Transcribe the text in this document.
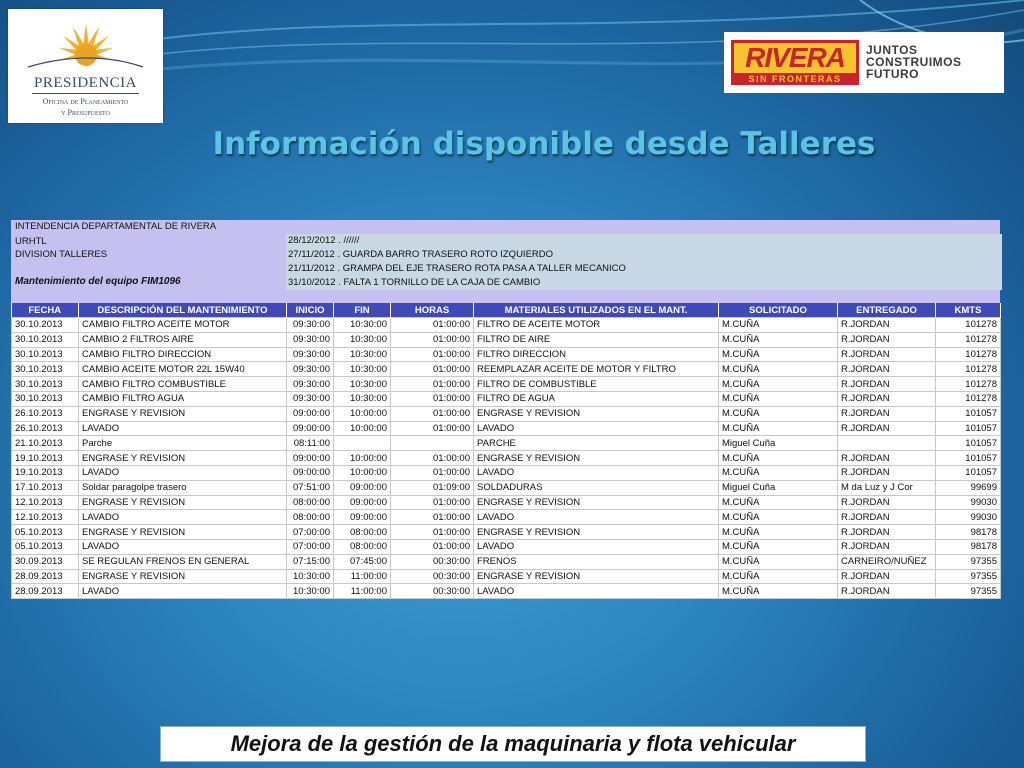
PRESIDENCIA
Oficina de Planeamiento
y Presupuesto
RIVERA
SIN FRONTERAS
JUNTOS
CONSTRUIMOS
FUTURO
Información disponible desde Talleres
INTENDENCIA DEPARTAMENTAL DE RIVERA
URHTL
DIVISION TALLERES
Mantenimiento del equipo FIM1096
28/12/2012 . //////
27/11/2012 . GUARDA BARRO TRASERO ROTO IZQUIERDO
21/11/2012 . GRAMPA DEL EJE TRASERO ROTA PASA A TALLER MECANICO
31/10/2012 . FALTA 1 TORNILLO DE LA CAJA DE CAMBIO
FECHA	DESCRIPCIÓN DEL MANTENIMIENTO	INICIO	FIN	HORAS	MATERIALES UTILIZADOS EN EL MANT.	SOLICITADO	ENTREGADO	KMTS
30.10.2013	CAMBIO FILTRO ACEITE MOTOR	09:30:00	10:30:00	01:00:00	FILTRO DE ACEITE MOTOR	M.CUÑA	R.JORDAN	101278
30.10.2013	CAMBIO 2 FILTROS AIRE	09:30:00	10:30:00	01:00:00	FILTRO DE AIRE	M.CUÑA	R.JORDAN	101278
30.10.2013	CAMBIO FILTRO DIRECCION	09:30:00	10:30:00	01:00:00	FILTRO DIRECCION	M.CUÑA	R.JORDAN	101278
30.10.2013	CAMBIO ACEITE MOTOR 22L 15W40	09:30:00	10:30:00	01:00:00	REEMPLAZAR ACEITE DE MOTOR Y FILTRO	M.CUÑA	R.JORDAN	101278
30.10.2013	CAMBIO FILTRO COMBUSTIBLE	09:30:00	10:30:00	01:00:00	FILTRO DE COMBUSTIBLE	M.CUÑA	R.JORDAN	101278
30.10.2013	CAMBIO FILTRO AGUA	09:30:00	10:30:00	01:00:00	FILTRO DE AGUA	M.CUÑA	R.JORDAN	101278
26.10.2013	ENGRASE Y REVISION	09:00:00	10:00:00	01:00:00	ENGRASE Y REVISION	M.CUÑA	R.JORDAN	101057
26.10.2013	LAVADO	09:00:00	10:00:00	01:00:00	LAVADO	M.CUÑA	R.JORDAN	101057
21.10.2013	Parche	08:11:00			PARCHE	Miguel Cuña		101057
19.10.2013	ENGRASE Y REVISION	09:00:00	10:00:00	01:00:00	ENGRASE Y REVISION	M.CUÑA	R.JORDAN	101057
19.10.2013	LAVADO	09:00:00	10:00:00	01:00:00	LAVADO	M.CUÑA	R.JORDAN	101057
17.10.2013	Soldar paragolpe trasero	07:51:00	09:00:00	01:09:00	SOLDADURAS	Miguel Cuña	M da Luz y J Cor	99699
12.10.2013	ENGRASE Y REVISION	08:00:00	09:00:00	01:00:00	ENGRASE Y REVISION	M.CUÑA	R.JORDAN	99030
12.10.2013	LAVADO	08:00:00	09:00:00	01:00:00	LAVADO	M.CUÑA	R.JORDAN	99030
05.10.2013	ENGRASE Y REVISION	07:00:00	08:00:00	01:00:00	ENGRASE Y REVISION	M.CUÑA	R.JORDAN	98178
05.10.2013	LAVADO	07:00:00	08:00:00	01:00:00	LAVADO	M.CUÑA	R.JORDAN	98178
30.09.2013	SE REGULAN FRENOS EN GENERAL	07:15:00	07:45:00	00:30:00	FRENOS	M.CUÑA	CARNEIRO/NUÑEZ	97355
28.09.2013	ENGRASE Y REVISION	10:30:00	11:00:00	00:30:00	ENGRASE Y REVISION	M.CUÑA	R.JORDAN	97355
28.09.2013	LAVADO	10:30:00	11:00:00	00:30:00	LAVADO	M.CUÑA	R.JORDAN	97355
Mejora de la gestión de la maquinaria y flota vehicular
